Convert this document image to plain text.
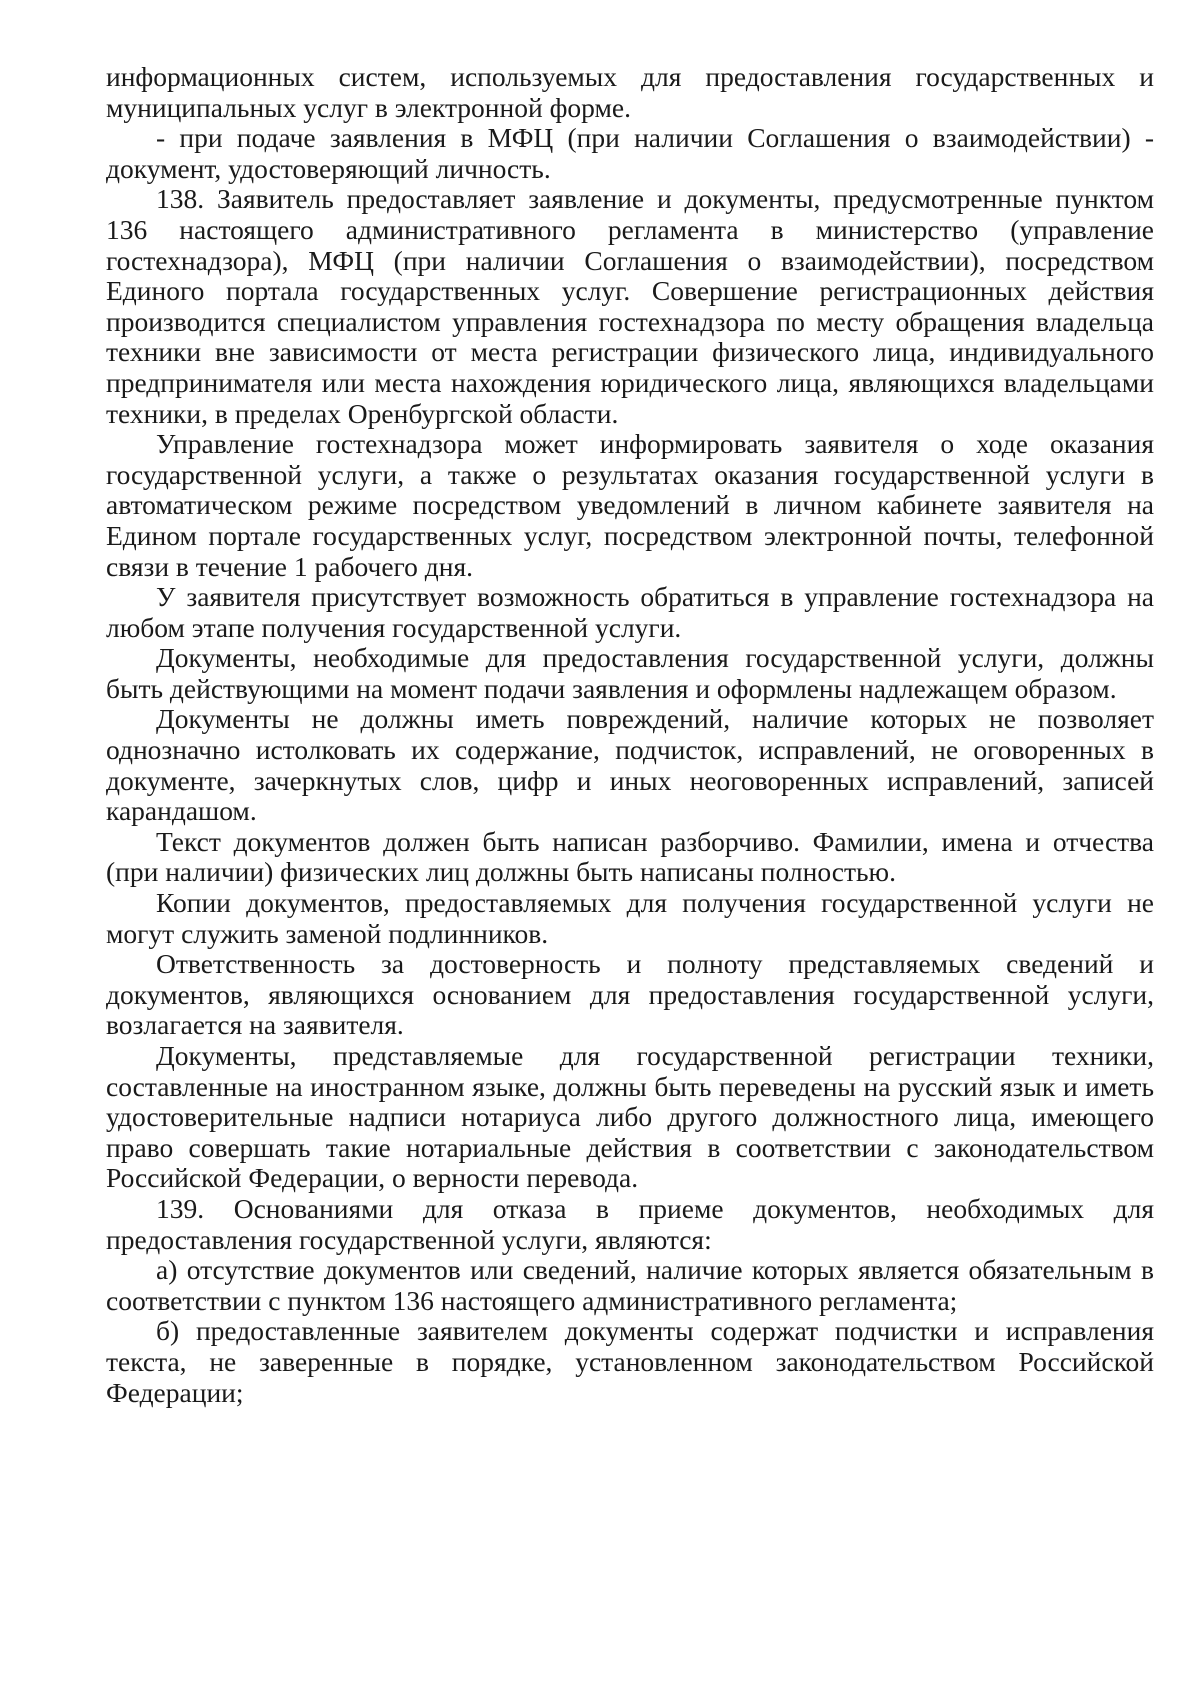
информационных систем, используемых для предоставления государственных и муниципальных услуг в электронной форме.

- при подаче заявления в МФЦ (при наличии Соглашения о взаимодействии) - документ, удостоверяющий личность.

138. Заявитель предоставляет заявление и документы, предусмотренные пунктом 136 настоящего административного регламента в министерство (управление гостехнадзора), МФЦ (при наличии Соглашения о взаимодействии), посредством Единого портала государственных услуг. Совершение регистрационных действия производится специалистом управления гостехнадзора по месту обращения владельца техники вне зависимости от места регистрации физического лица, индивидуального предпринимателя или места нахождения юридического лица, являющихся владельцами техники, в пределах Оренбургской области.

Управление гостехнадзора может информировать заявителя о ходе оказания государственной услуги, а также о результатах оказания государственной услуги в автоматическом режиме посредством уведомлений в личном кабинете заявителя на Едином портале государственных услуг, посредством электронной почты, телефонной связи в течение 1 рабочего дня.

У заявителя присутствует возможность обратиться в управление гостехнадзора на любом этапе получения государственной услуги.

Документы, необходимые для предоставления государственной услуги, должны быть действующими на момент подачи заявления и оформлены надлежащем образом.

Документы не должны иметь повреждений, наличие которых не позволяет однозначно истолковать их содержание, подчисток, исправлений, не оговоренных в документе, зачеркнутых слов, цифр и иных неоговоренных исправлений, записей карандашом.

Текст документов должен быть написан разборчиво. Фамилии, имена и отчества (при наличии) физических лиц должны быть написаны полностью.

Копии документов, предоставляемых для получения государственной услуги не могут служить заменой подлинников.

Ответственность за достоверность и полноту представляемых сведений и документов, являющихся основанием для предоставления государственной услуги, возлагается на заявителя.

Документы, представляемые для государственной регистрации техники, составленные на иностранном языке, должны быть переведены на русский язык и иметь удостоверительные надписи нотариуса либо другого должностного лица, имеющего право совершать такие нотариальные действия в соответствии с законодательством Российской Федерации, о верности перевода.

139. Основаниями для отказа в приеме документов, необходимых для предоставления государственной услуги, являются:

а) отсутствие документов или сведений, наличие которых является обязательным в соответствии с пунктом 136 настоящего административного регламента;

б) предоставленные заявителем документы содержат подчистки и исправления текста, не заверенные в порядке, установленном законодательством Российской Федерации;
